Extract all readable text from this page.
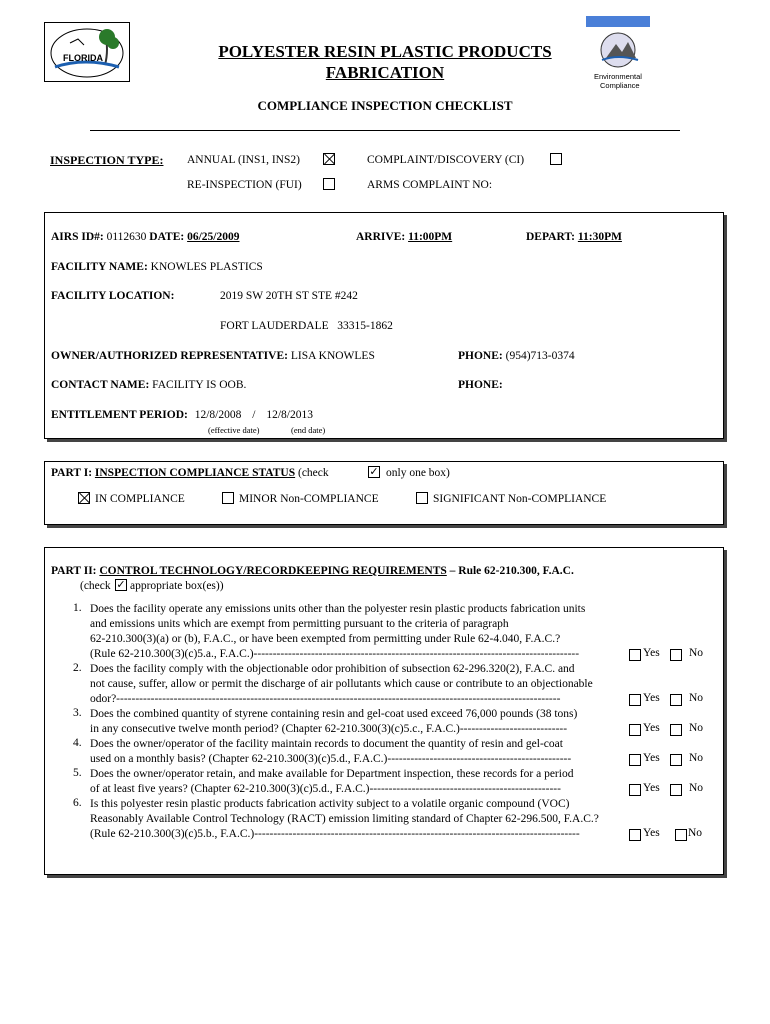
FLORIDA
Environmental
Compliance
POLYESTER RESIN PLASTIC PRODUCTS
FABRICATION
COMPLIANCE INSPECTION CHECKLIST
INSPECTION TYPE: ANNUAL (INS1, INS2)
RE-INSPECTION (FUI)
COMPLAINT/DISCOVERY (CI)
ARMS COMPLAINT NO:
AIRS ID#: 0112630 DATE: 06/25/2009	ARRIVE: 11:00PM	DEPART: 11:30PM
FACILITY NAME: KNOWLES PLASTICS
FACILITY LOCATION:	2019 SW 20TH ST STE #242
FORT LAUDERDALE   33315-1862
OWNER/AUTHORIZED REPRESENTATIVE: LISA KNOWLES	PHONE: (954)713-0374
CONTACT NAME: FACILITY IS OOB.	PHONE:
ENTITLEMENT PERIOD: 12/8/2008 / 12/8/2013
(effective date)	(end date)
PART I: INSPECTION COMPLIANCE STATUS (check	✓ only one box)
IN COMPLIANCE	MINOR Non-COMPLIANCE	SIGNIFICANT Non-COMPLIANCE
PART II: CONTROL TECHNOLOGY/RECORDKEEPING REQUIREMENTS – Rule 62-210.300, F.A.C.
(check ✓ appropriate box(es))
1. Does the facility operate any emissions units other than the polyester resin plastic products fabrication units
and emissions units which are exempt from permitting pursuant to the criteria of paragraph
62-210.300(3)(a) or (b), F.A.C., or have been exempted from permitting under Rule 62-4.040, F.A.C.?
(Rule 62-210.300(3)(c)5.a., F.A.C.)-------------------------------------------------------------------------------------	Yes	No
2. Does the facility comply with the objectionable odor prohibition of subsection 62-296.320(2), F.A.C. and
not cause, suffer, allow or permit the discharge of air pollutants which cause or contribute to an objectionable
odor?--------------------------------------------------------------------------------------------------------------------	Yes	No
3. Does the combined quantity of styrene containing resin and gel-coat used exceed 76,000 pounds (38 tons)
in any consecutive twelve month period? (Chapter 62-210.300(3)(c)5.c., F.A.C.)----------------------------	Yes	No
4. Does the owner/operator of the facility maintain records to document the quantity of resin and gel-coat
used on a monthly basis? (Chapter 62-210.300(3)(c)5.d., F.A.C.)------------------------------------------------	Yes	No
5. Does the owner/operator retain, and make available for Department inspection, these records for a period
of at least five years? (Chapter 62-210.300(3)(c)5.d., F.A.C.)--------------------------------------------------	Yes	No
6. Is this polyester resin plastic products fabrication activity subject to a volatile organic compound (VOC)
Reasonably Available Control Technology (RACT) emission limiting standard of Chapter 62-296.500, F.A.C.?
(Rule 62-210.300(3)(c)5.b., F.A.C.)-------------------------------------------------------------------------------------	Yes No
